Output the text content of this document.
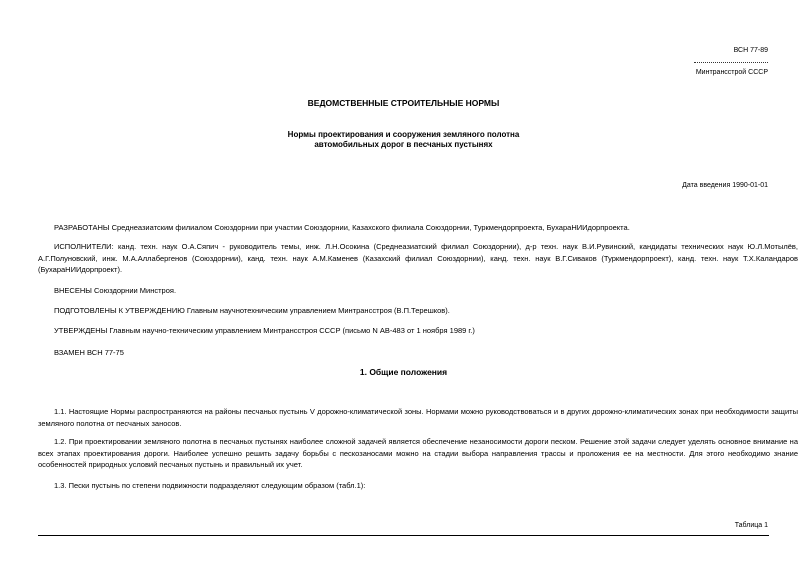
ВСН 77-89
Минтрансстрой СССР
ВЕДОМСТВЕННЫЕ СТРОИТЕЛЬНЫЕ НОРМЫ
Нормы проектирования и сооружения земляного полотна
автомобильных дорог в песчаных пустынях
Дата введения 1990-01-01
РАЗРАБОТАНЫ Среднеазиатским филиалом Союздорнии при участии Союздорнии, Казахского филиала Союздорнии, Туркмендорпроекта, БухараНИИдорпроекта.
ИСПОЛНИТЕЛИ: канд. техн. наук О.А.Сяпич - руководитель темы, инж. Л.Н.Осокина (Среднеазиатский филиал Союздорнии), д-р техн. наук В.И.Рувинский, кандидаты технических наук Ю.Л.Мотылёв, А.Г.Полуновский, инж. М.А.Аллабергенов (Союздорнии), канд. техн. наук А.М.Каменев (Казахский филиал Союздорнии), канд. техн. наук В.Г.Сиваков (Туркмендорпроект), канд. техн. наук Т.Х.Каландаров (БухараНИИдорпроект).
ВНЕСЕНЫ Союздорнии Минстроя.
ПОДГОТОВЛЕНЫ К УТВЕРЖДЕНИЮ Главным научнотехническим управлением Минтрансстроя (В.П.Терешков).
УТВЕРЖДЕНЫ Главным научно-техническим управлением Минтрансстроя СССР (письмо N АВ-483 от 1 ноября 1989 г.)
ВЗАМЕН ВСН 77-75
1. Общие положения
1.1. Настоящие Нормы распространяются на районы песчаных пустынь V дорожно-климатической зоны. Нормами можно руководствоваться и в других дорожно-климатических зонах при необходимости защиты земляного полотна от песчаных заносов.
1.2. При проектировании земляного полотна в песчаных пустынях наиболее сложной задачей является обеспечение незаносимости дороги песком. Решение этой задачи следует уделять основное внимание на всех этапах проектирования дороги. Наиболее успешно решить задачу борьбы с пескозаносами можно на стадии выбора направления трассы и проложения ее на местности. Для этого необходимо знание особенностей природных условий песчаных пустынь и правильный их учет.
1.3. Пески пустынь по степени подвижности подразделяют следующим образом (табл.1):
Таблица 1
